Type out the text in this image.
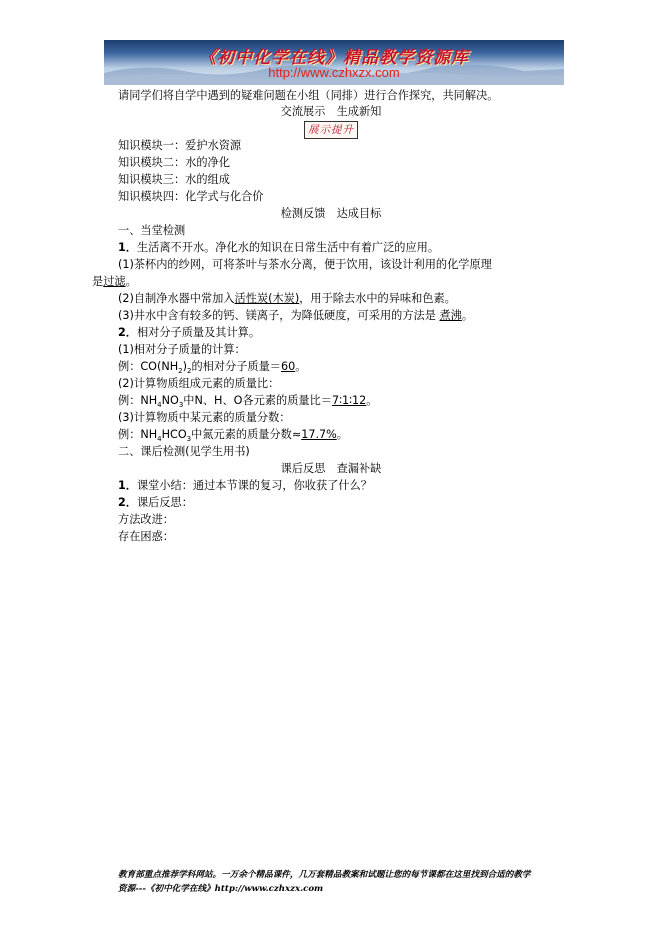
《初中化学在线》精品教学资源库
http://www.czhxzx.com
请同学们将自学中遇到的疑难问题在小组（同排）进行合作探究，共同解决。
交流展示　生成新知
展示提升
知识模块一：爱护水资源
知识模块二：水的净化
知识模块三：水的组成
知识模块四：化学式与化合价
检测反馈　达成目标
一、当堂检测
1．生活离不开水。净化水的知识在日常生活中有着广泛的应用。
(1)茶杯内的纱网，可将茶叶与茶水分离，便于饮用，该设计利用的化学原理
是过滤。
(2)自制净水器中常加入活性炭(木炭)，用于除去水中的异味和色素。
(3)井水中含有较多的钙、镁离子，为降低硬度，可采用的方法是 煮沸。
2．相对分子质量及其计算。
(1)相对分子质量的计算：
例：$CO(NH_2)_2$的相对分子质量＝60。
(2)计算物质组成元素的质量比：
例：$NH_4NO_3$中N、H、O各元素的质量比＝7∶1∶12。
(3)计算物质中某元素的质量分数：
例：$NH_4HCO_3$中氮元素的质量分数≈17.7%。
二、课后检测(见学生用书)
课后反思　查漏补缺
1．课堂小结：通过本节课的复习，你收获了什么？
2．课后反思：
方法改进：
存在困惑：
教育部重点推荐学科网站。一万余个精品课件，几万套精品教案和试题让您的每节课都在这里找到合适的教学
资源---《初中化学在线》http://www.czhxzx.com
